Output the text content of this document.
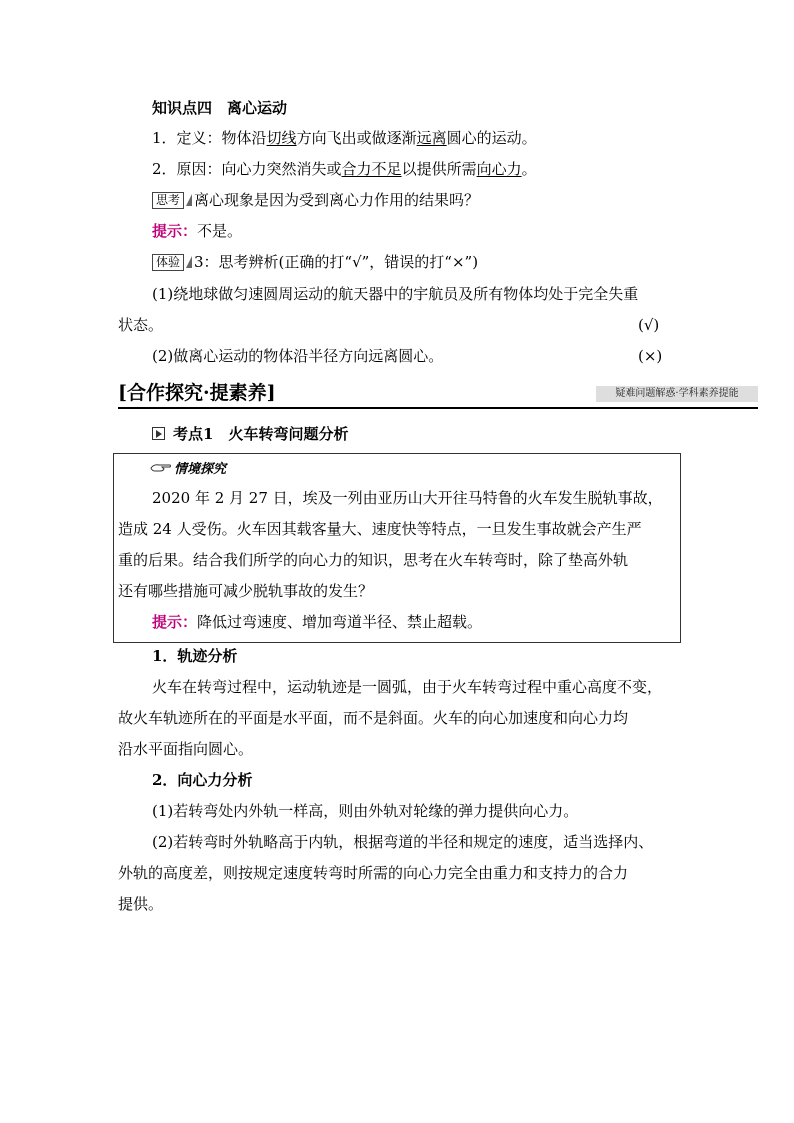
知识点四　离心运动
1．定义：物体沿切线方向飞出或做逐渐远离圆心的运动。
2．原因：向心力突然消失或合力不足以提供所需向心力。
思考 离心现象是因为受到离心力作用的结果吗？
提示：不是。
体验 3：思考辨析(正确的打“√”，错误的打“×”)
(1)绕地球做匀速圆周运动的航天器中的宇航员及所有物体均处于完全失重
状态。	(√)
(2)做离心运动的物体沿半径方向远离圆心。	(×)
[合作探究·提素养]	疑难问题解惑·学科素养提能
考点1　火车转弯问题分析
情境探究
2020 年 2 月 27 日，埃及一列由亚历山大开往马特鲁的火车发生脱轨事故，
造成 24 人受伤。火车因其载客量大、速度快等特点，一旦发生事故就会产生严
重的后果。结合我们所学的向心力的知识，思考在火车转弯时，除了垫高外轨
还有哪些措施可减少脱轨事故的发生？
提示：降低过弯速度、增加弯道半径、禁止超载。
1．轨迹分析
火车在转弯过程中，运动轨迹是一圆弧，由于火车转弯过程中重心高度不变，
故火车轨迹所在的平面是水平面，而不是斜面。火车的向心加速度和向心力均
沿水平面指向圆心。
2．向心力分析
(1)若转弯处内外轨一样高，则由外轨对轮缘的弹力提供向心力。
(2)若转弯时外轨略高于内轨，根据弯道的半径和规定的速度，适当选择内、
外轨的高度差，则按规定速度转弯时所需的向心力完全由重力和支持力的合力
提供。
